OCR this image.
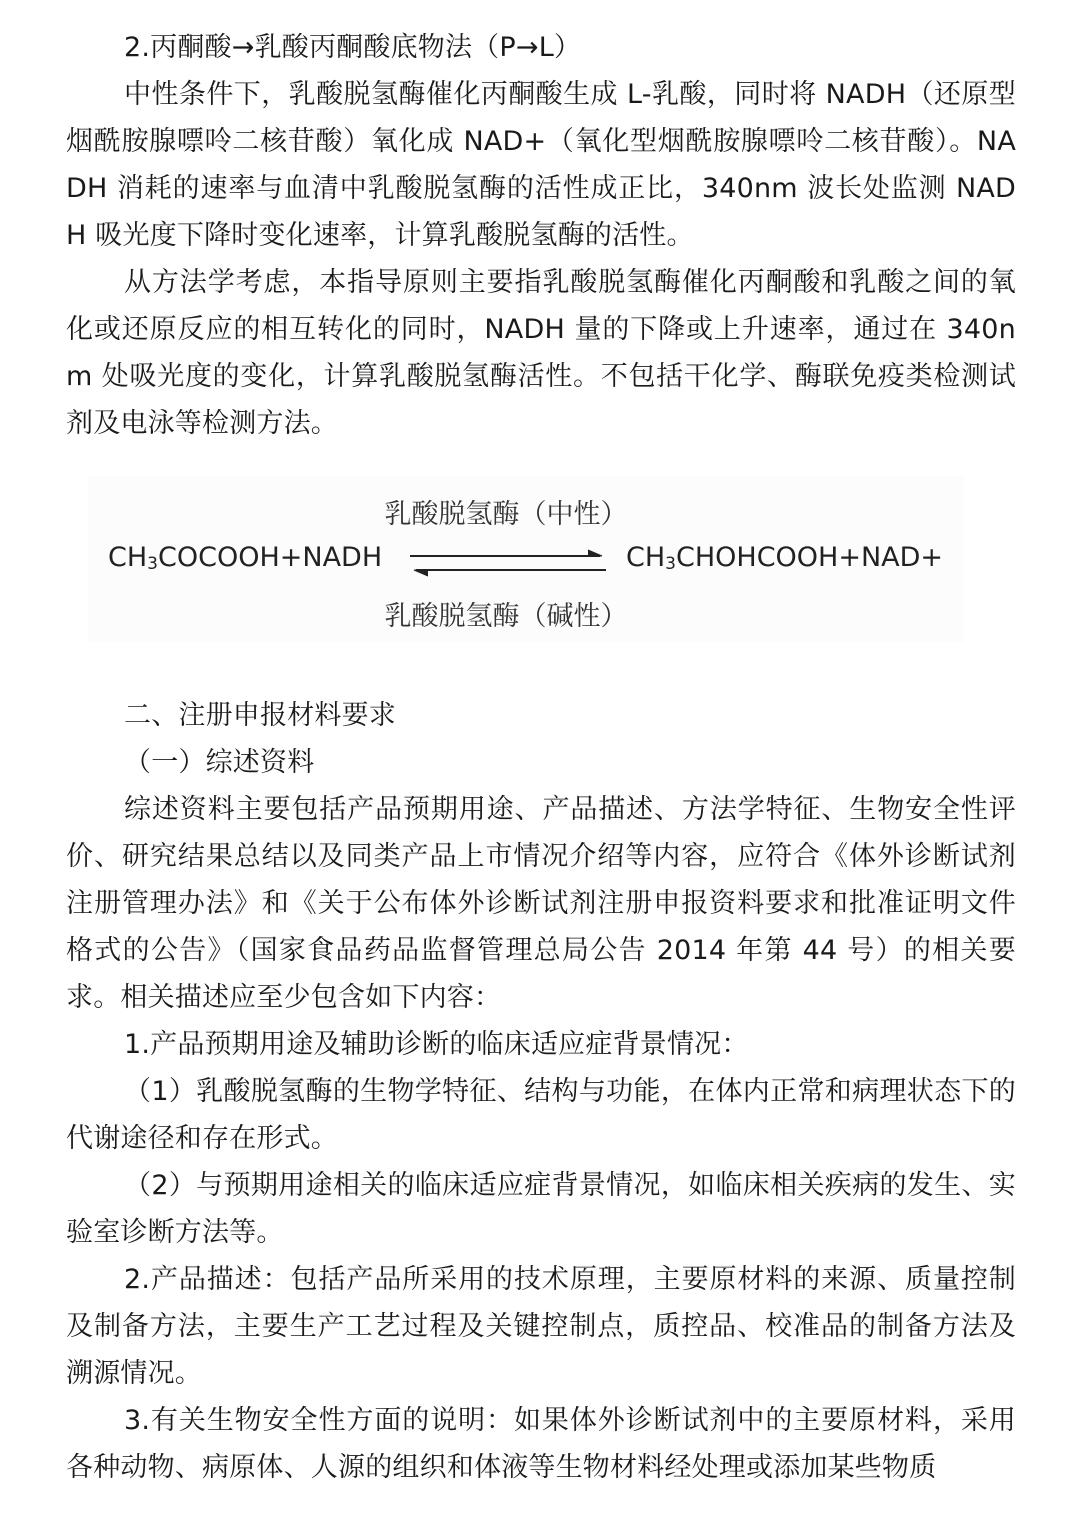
2.丙酮酸→乳酸丙酮酸底物法（P→L）

中性条件下，乳酸脱氢酶催化丙酮酸生成 L-乳酸，同时将 NADH（还原型烟酰胺腺嘌呤二核苷酸）氧化成 NAD+（氧化型烟酰胺腺嘌呤二核苷酸）。NADH 消耗的速率与血清中乳酸脱氢酶的活性成正比，340nm 波长处监测 NADH 吸光度下降时变化速率，计算乳酸脱氢酶的活性。

从方法学考虑，本指导原则主要指乳酸脱氢酶催化丙酮酸和乳酸之间的氧化或还原反应的相互转化的同时，NADH 量的下降或上升速率，通过在 340nm 处吸光度的变化，计算乳酸脱氢酶活性。不包括干化学、酶联免疫类检测试剂及电泳等检测方法。

乳酸脱氢酶（中性）
$CH_3COCOOH+NADH$	$CH_3CHOHCOOH+NAD+$
乳酸脱氢酶（碱性）

二、注册申报材料要求

（一）综述资料

综述资料主要包括产品预期用途、产品描述、方法学特征、生物安全性评价、研究结果总结以及同类产品上市情况介绍等内容，应符合《体外诊断试剂注册管理办法》和《关于公布体外诊断试剂注册申报资料要求和批准证明文件格式的公告》（国家食品药品监督管理总局公告 2014 年第 44 号）的相关要求。相关描述应至少包含如下内容：

1.产品预期用途及辅助诊断的临床适应症背景情况：

（1）乳酸脱氢酶的生物学特征、结构与功能，在体内正常和病理状态下的代谢途径和存在形式。

（2）与预期用途相关的临床适应症背景情况，如临床相关疾病的发生、实验室诊断方法等。

2.产品描述：包括产品所采用的技术原理，主要原材料的来源、质量控制及制备方法，主要生产工艺过程及关键控制点，质控品、校准品的制备方法及溯源情况。

3.有关生物安全性方面的说明：如果体外诊断试剂中的主要原材料，采用各种动物、病原体、人源的组织和体液等生物材料经处理或添加某些物质
